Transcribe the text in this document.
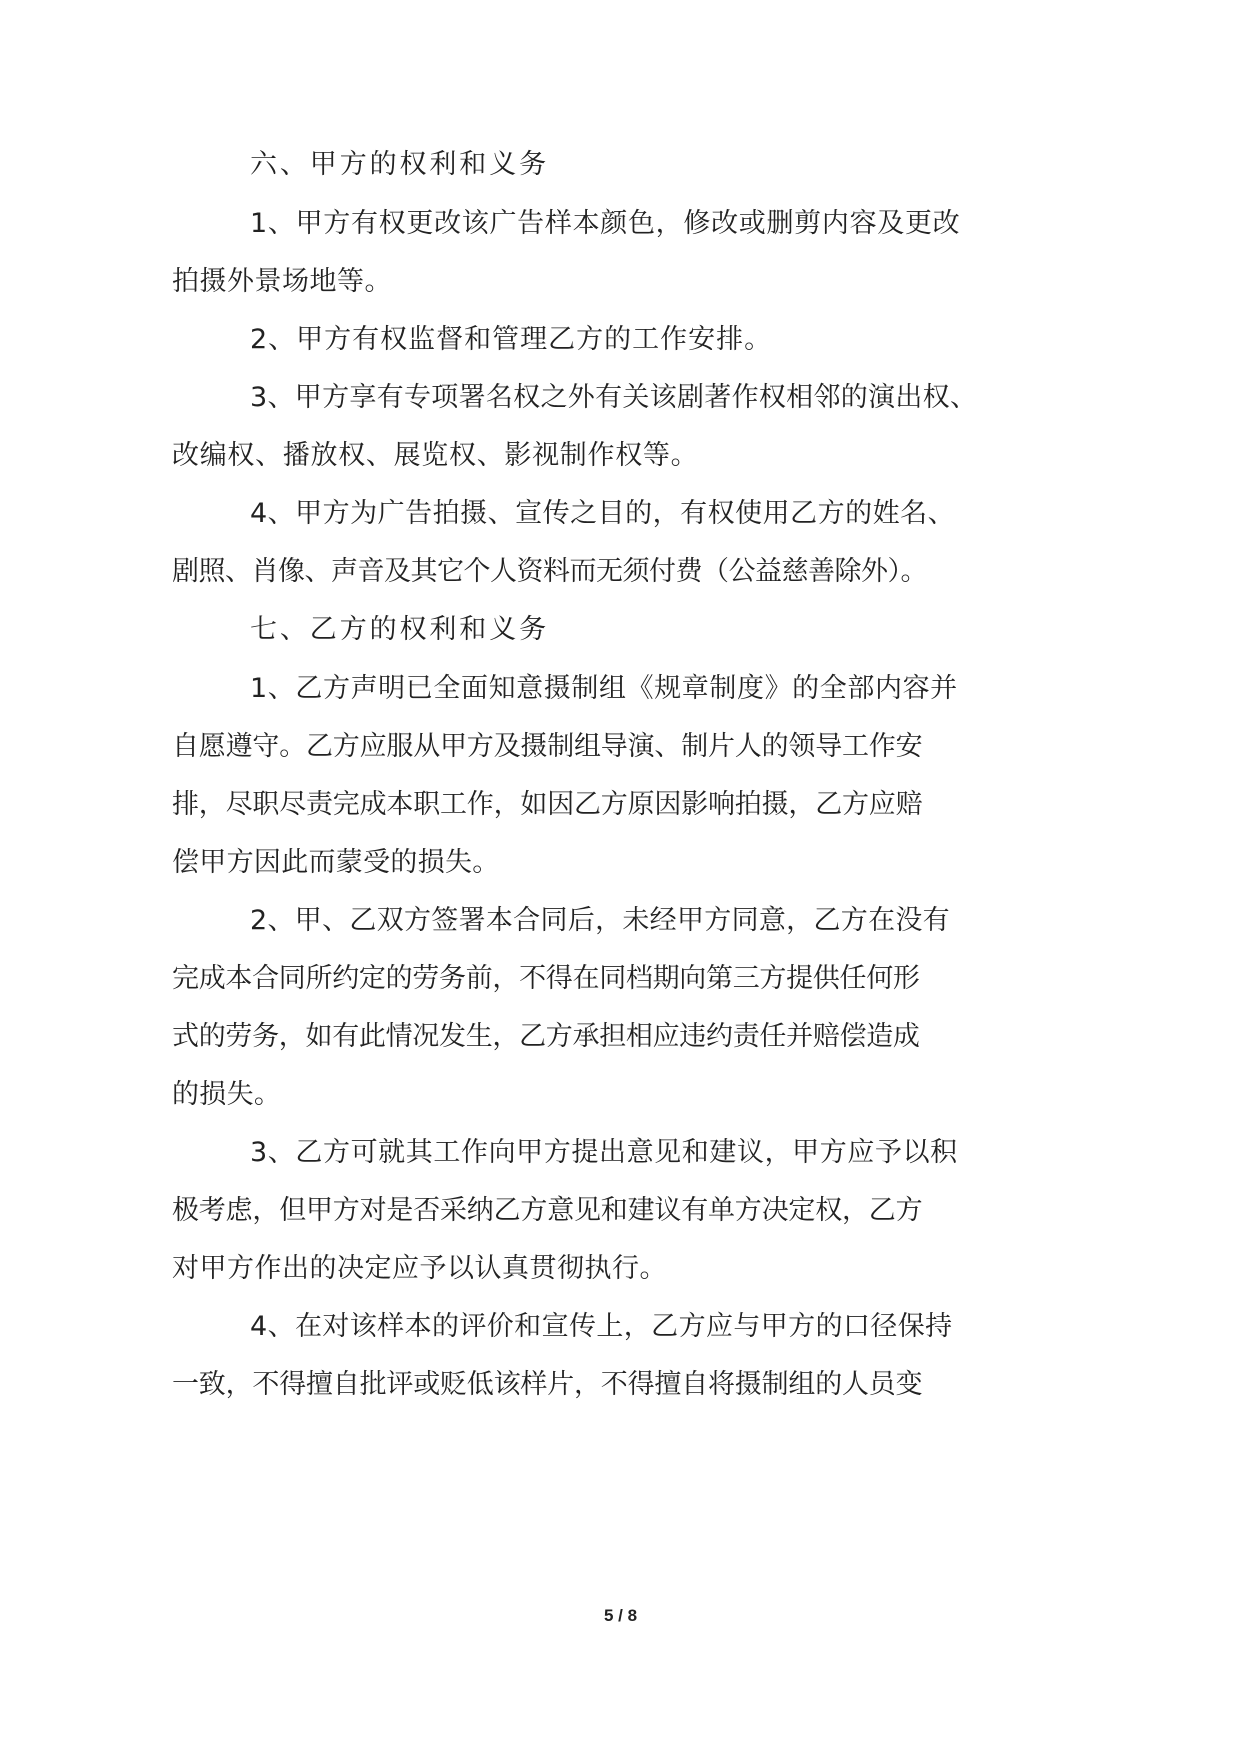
六、甲方的权利和义务
1、甲方有权更改该广告样本颜色，修改或删剪内容及更改
拍摄外景场地等。
2、甲方有权监督和管理乙方的工作安排。
3、甲方享有专项署名权之外有关该剧著作权相邻的演出权、
改编权、播放权、展览权、影视制作权等。
4、甲方为广告拍摄、宣传之目的，有权使用乙方的姓名、
剧照、肖像、声音及其它个人资料而无须付费（公益慈善除外）。
七、乙方的权利和义务
1、乙方声明已全面知意摄制组《规章制度》的全部内容并
自愿遵守。乙方应服从甲方及摄制组导演、制片人的领导工作安
排，尽职尽责完成本职工作，如因乙方原因影响拍摄，乙方应赔
偿甲方因此而蒙受的损失。
2、甲、乙双方签署本合同后，未经甲方同意，乙方在没有
完成本合同所约定的劳务前，不得在同档期向第三方提供任何形
式的劳务，如有此情况发生，乙方承担相应违约责任并赔偿造成
的损失。
3、乙方可就其工作向甲方提出意见和建议，甲方应予以积
极考虑，但甲方对是否采纳乙方意见和建议有单方决定权，乙方
对甲方作出的决定应予以认真贯彻执行。
4、在对该样本的评价和宣传上，乙方应与甲方的口径保持
一致，不得擅自批评或贬低该样片，不得擅自将摄制组的人员变
5 / 8
